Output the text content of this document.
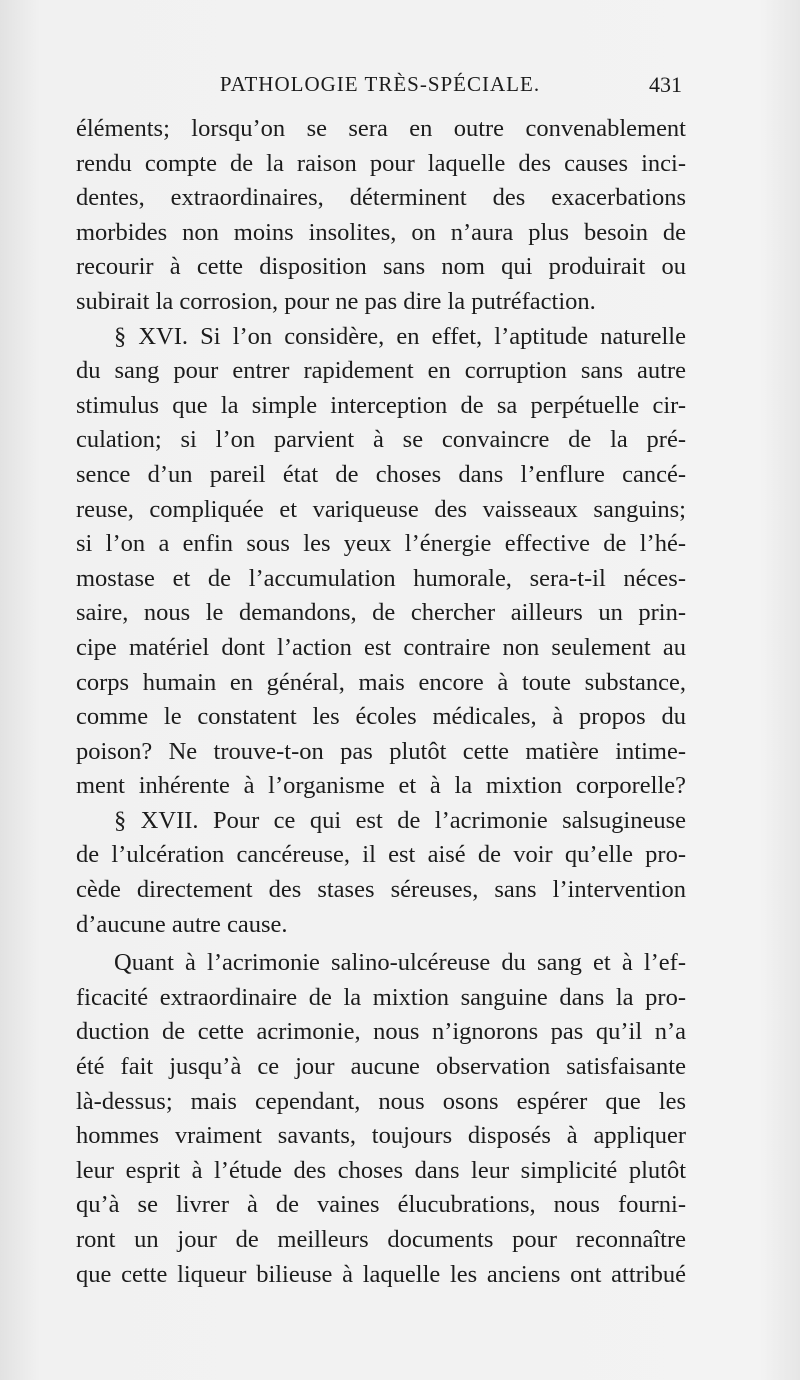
PATHOLOGIE TRÈS-SPÉCIALE.	431
éléments; lorsqu’on se sera en outre convenablement
rendu compte de la raison pour laquelle des causes inci-
dentes, extraordinaires, déterminent des exacerbations
morbides non moins insolites, on n’aura plus besoin de
recourir à cette disposition sans nom qui produirait ou
subirait la corrosion, pour ne pas dire la putréfaction.
§ XVI. Si l’on considère, en effet, l’aptitude naturelle
du sang pour entrer rapidement en corruption sans autre
stimulus que la simple interception de sa perpétuelle cir-
culation; si l’on parvient à se convaincre de la pré-
sence d’un pareil état de choses dans l’enflure cancé-
reuse, compliquée et variqueuse des vaisseaux sanguins;
si l’on a enfin sous les yeux l’énergie effective de l’hé-
mostase et de l’accumulation humorale, sera-t-il néces-
saire, nous le demandons, de chercher ailleurs un prin-
cipe matériel dont l’action est contraire non seulement au
corps humain en général, mais encore à toute substance,
comme le constatent les écoles médicales, à propos du
poison? Ne trouve-t-on pas plutôt cette matière intime-
ment inhérente à l’organisme et à la mixtion corporelle?
§ XVII. Pour ce qui est de l’acrimonie salsugineuse
de l’ulcération cancéreuse, il est aisé de voir qu’elle pro-
cède directement des stases séreuses, sans l’intervention
d’aucune autre cause.
Quant à l’acrimonie salino-ulcéreuse du sang et à l’ef-
ficacité extraordinaire de la mixtion sanguine dans la pro-
duction de cette acrimonie, nous n’ignorons pas qu’il n’a
été fait jusqu’à ce jour aucune observation satisfaisante
là-dessus; mais cependant, nous osons espérer que les
hommes vraiment savants, toujours disposés à appliquer
leur esprit à l’étude des choses dans leur simplicité plutôt
qu’à se livrer à de vaines élucubrations, nous fourni-
ront un jour de meilleurs documents pour reconnaître
que cette liqueur bilieuse à laquelle les anciens ont attribué
